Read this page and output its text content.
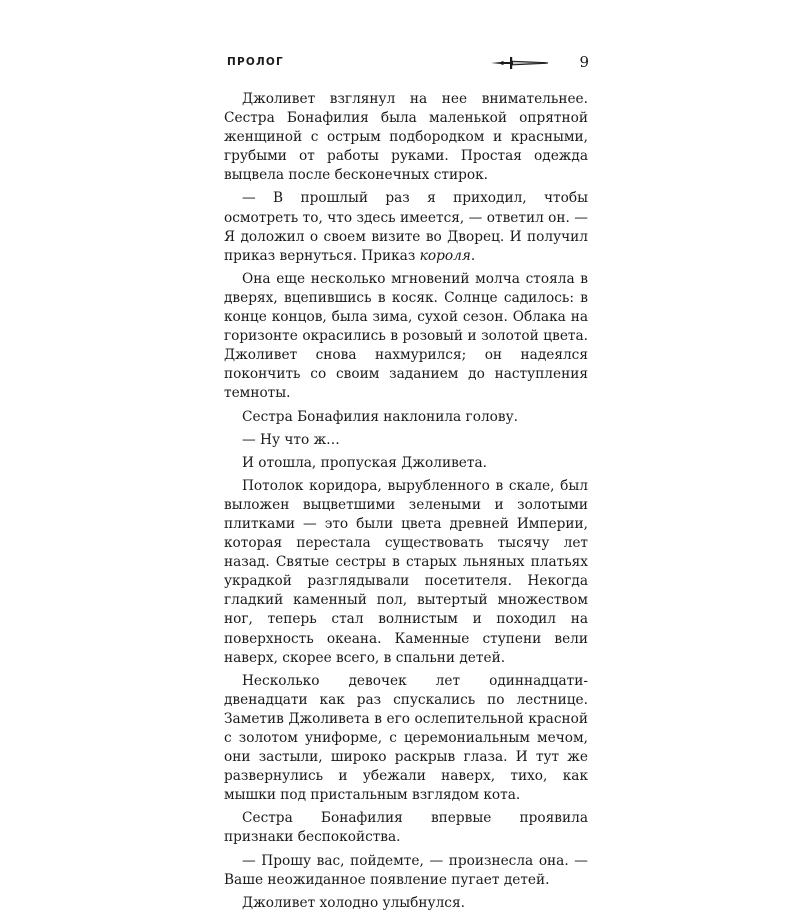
ПРОЛОГ	9

Джоливет взглянул на нее внимательнее. Сестра Бонафилия была маленькой опрятной женщиной с острым подбородком и красными, грубыми от работы руками. Простая одежда выцвела после бесконечных стирок.

— В прошлый раз я приходил, чтобы осмотреть то, что здесь имеется, — ответил он. — Я доложил о своем визите во Дворец. И получил приказ вернуться. Приказ короля.

Она еще несколько мгновений молча стояла в дверях, вцепившись в косяк. Солнце садилось: в конце концов, была зима, сухой сезон. Облака на горизонте окрасились в розовый и золотой цвета. Джоливет снова нахмурился; он надеялся покончить со своим заданием до наступления темноты.

Сестра Бонафилия наклонила голову.

— Ну что ж…

И отошла, пропуская Джоливета.

Потолок коридора, вырубленного в скале, был выложен выцветшими зелеными и золотыми плитками — это были цвета древней Империи, которая перестала существовать тысячу лет назад. Святые сестры в старых льняных платьях украдкой разглядывали посетителя. Некогда гладкий каменный пол, вытертый множеством ног, теперь стал волнистым и походил на поверхность океана. Каменные ступени вели наверх, скорее всего, в спальни детей.

Несколько девочек лет одиннадцати-двенадцати как раз спускались по лестнице. Заметив Джоливета в его ослепительной красной с золотом униформе, с церемониальным мечом, они застыли, широко раскрыв глаза. И тут же развернулись и убежали наверх, тихо, как мышки под пристальным взглядом кота.

Сестра Бонафилия впервые проявила признаки беспокойства.

— Прошу вас, пойдемте, — произнесла она. — Ваше неожиданное появление пугает детей.

Джоливет холодно улыбнулся.
